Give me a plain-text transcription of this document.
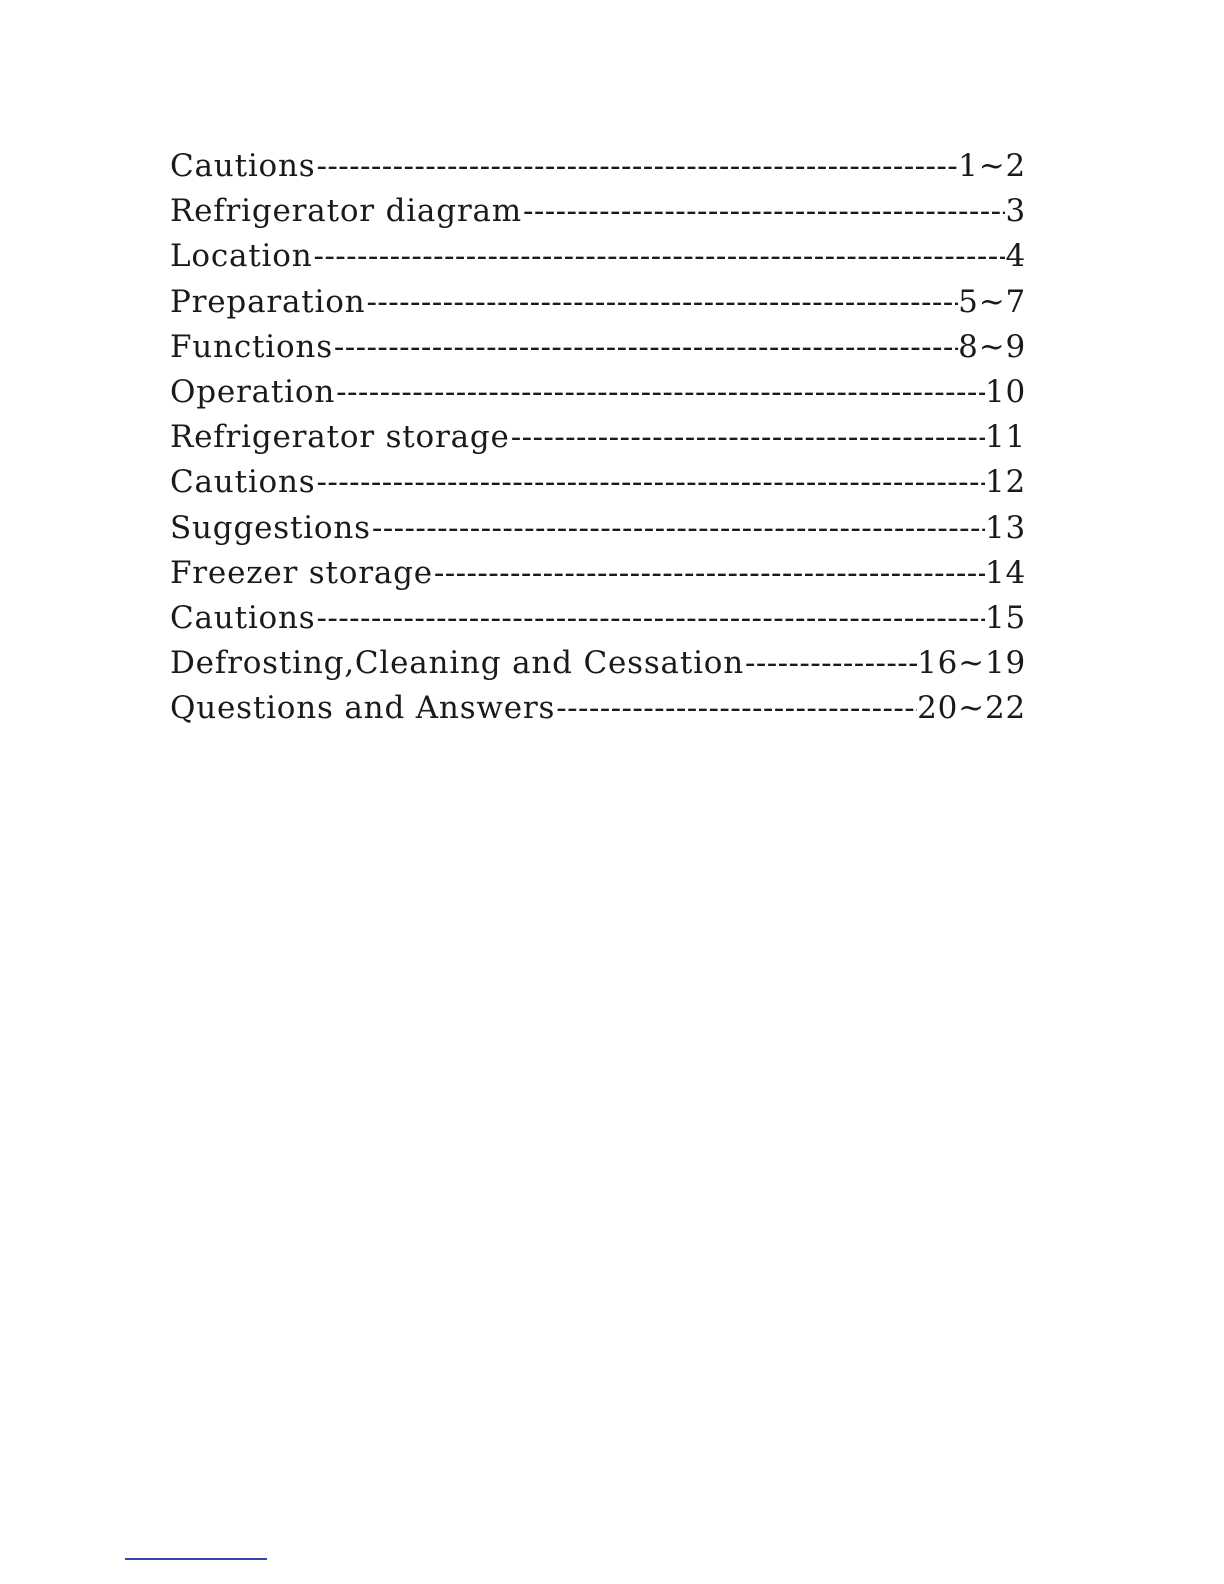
Cautions -----	1~2
Refrigerator diagram -----	3
Location -----	4
Preparation -----	5~7
Functions -----	8~9
Operation -----	10
Refrigerator storage -----	11
Cautions -----	12
Suggestions -----	13
Freezer storage -----	14
Cautions -----	15
Defrosting,Cleaning and Cessation -----	16~19
Questions and Answers -----	20~22
